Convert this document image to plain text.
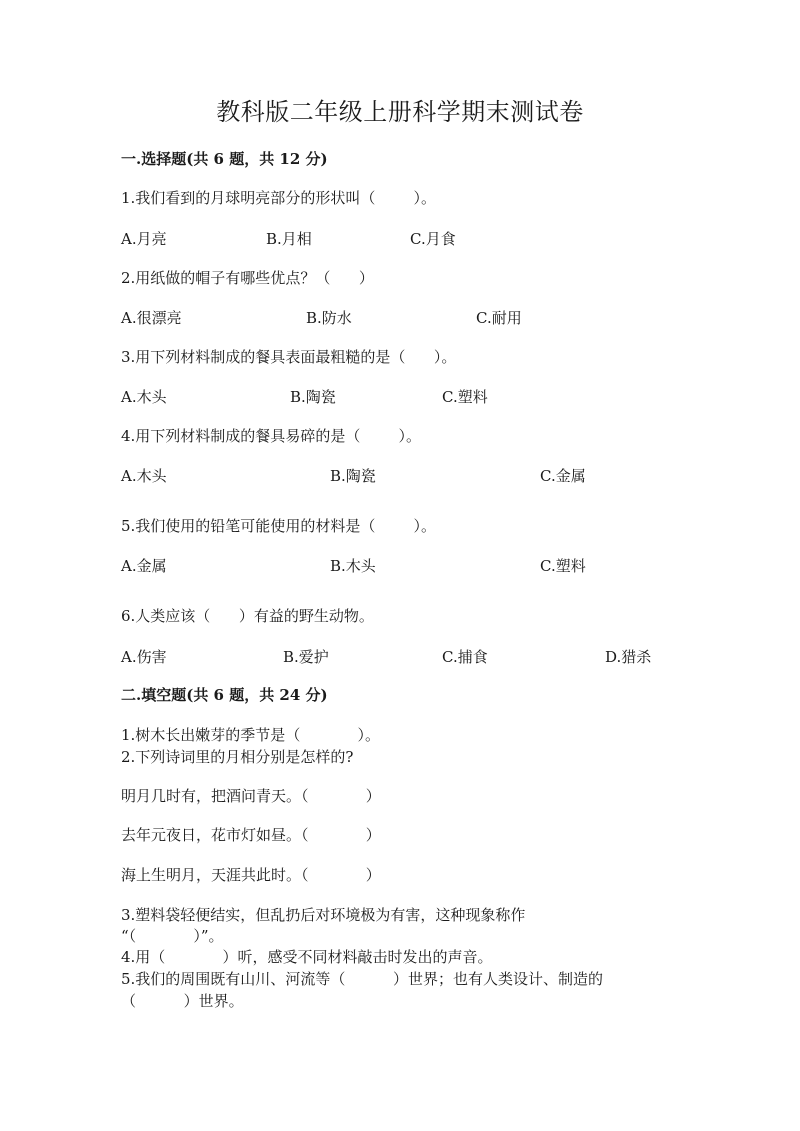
教科版二年级上册科学期末测试卷
一.选择题(共 6 题，共 12 分)
1.我们看到的月球明亮部分的形状叫（        ）。
A.月亮	B.月相	C.月食
2.用纸做的帽子有哪些优点？（      ）
A.很漂亮	B.防水	C.耐用
3.用下列材料制成的餐具表面最粗糙的是（      ）。
A.木头	B.陶瓷	C.塑料
4.用下列材料制成的餐具易碎的是（        ）。
A.木头	B.陶瓷	C.金属
5.我们使用的铅笔可能使用的材料是（        ）。
A.金属	B.木头	C.塑料
6.人类应该（      ）有益的野生动物。
A.伤害	B.爱护	C.捕食	D.猎杀
二.填空题(共 6 题，共 24 分)
1.树木长出嫩芽的季节是（            ）。
2.下列诗词里的月相分别是怎样的?
明月几时有，把酒问青天。（            ）
去年元夜日，花市灯如昼。（            ）
海上生明月，天涯共此时。（            ）
3.塑料袋轻便结实，但乱扔后对环境极为有害，这种现象称作
“（            ）”。
4.用（            ）听，感受不同材料敲击时发出的声音。
5.我们的周围既有山川、河流等（          ）世界；也有人类设计、制造的
（          ）世界。
